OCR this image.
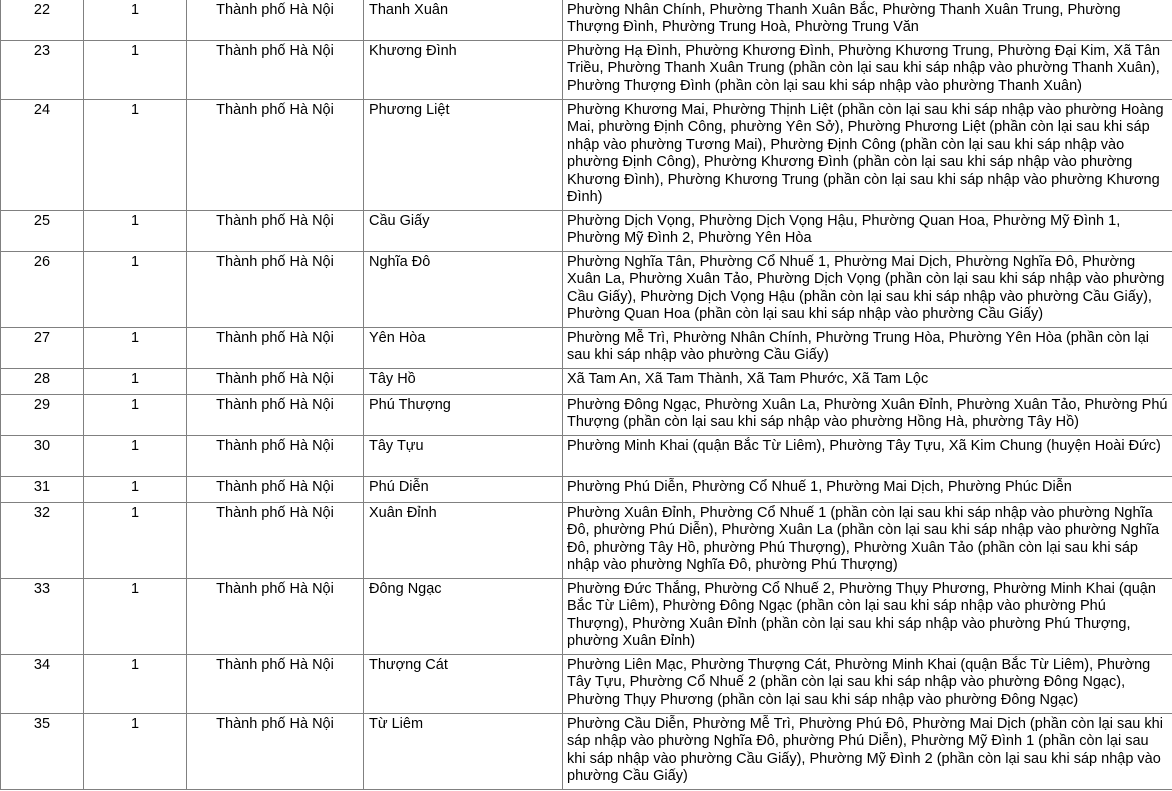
22	1	Thành phố Hà Nội	Thanh Xuân	Phường Nhân Chính, Phường Thanh Xuân Bắc, Phường Thanh Xuân Trung, Phường Thượng Đình, Phường Trung Hoà, Phường Trung Văn
23	1	Thành phố Hà Nội	Khương Đình	Phường Hạ Đình, Phường Khương Đình, Phường Khương Trung, Phường Đại Kim, Xã Tân Triều, Phường Thanh Xuân Trung (phần còn lại sau khi sáp nhập vào phường Thanh Xuân), Phường Thượng Đình (phần còn lại sau khi sáp nhập vào phường Thanh Xuân)
24	1	Thành phố Hà Nội	Phương Liệt	Phường Khương Mai, Phường Thịnh Liệt (phần còn lại sau khi sáp nhập vào phường Hoàng Mai, phường Định Công, phường Yên Sở), Phường Phương Liệt (phần còn lại sau khi sáp nhập vào phường Tương Mai), Phường Định Công (phần còn lại sau khi sáp nhập vào phường Định Công), Phường Khương Đình (phần còn lại sau khi sáp nhập vào phường Khương Đình), Phường Khương Trung (phần còn lại sau khi sáp nhập vào phường Khương Đình)
25	1	Thành phố Hà Nội	Cầu Giấy	Phường Dịch Vọng, Phường Dịch Vọng Hậu, Phường Quan Hoa, Phường Mỹ Đình 1, Phường Mỹ Đình 2, Phường Yên Hòa
26	1	Thành phố Hà Nội	Nghĩa Đô	Phường Nghĩa Tân, Phường Cổ Nhuế 1, Phường Mai Dịch, Phường Nghĩa Đô, Phường Xuân La, Phường Xuân Tảo, Phường Dịch Vọng (phần còn lại sau khi sáp nhập vào phường Cầu Giấy), Phường Dịch Vọng Hậu (phần còn lại sau khi sáp nhập vào phường Cầu Giấy), Phường Quan Hoa (phần còn lại sau khi sáp nhập vào phường Cầu Giấy)
27	1	Thành phố Hà Nội	Yên Hòa	Phường Mễ Trì, Phường Nhân Chính, Phường Trung Hòa, Phường Yên Hòa (phần còn lại sau khi sáp nhập vào phường Cầu Giấy)
28	1	Thành phố Hà Nội	Tây Hồ	Xã Tam An, Xã Tam Thành, Xã Tam Phước, Xã Tam Lộc
29	1	Thành phố Hà Nội	Phú Thượng	Phường Đông Ngạc, Phường Xuân La, Phường Xuân Đỉnh, Phường Xuân Tảo, Phường Phú Thượng (phần còn lại sau khi sáp nhập vào phường Hồng Hà, phường Tây Hồ)
30	1	Thành phố Hà Nội	Tây Tựu	Phường Minh Khai (quận Bắc Từ Liêm), Phường Tây Tựu, Xã Kim Chung (huyện Hoài Đức)
31	1	Thành phố Hà Nội	Phú Diễn	Phường Phú Diễn, Phường Cổ Nhuế 1, Phường Mai Dịch, Phường Phúc Diễn
32	1	Thành phố Hà Nội	Xuân Đỉnh	Phường Xuân Đỉnh, Phường Cổ Nhuế 1 (phần còn lại sau khi sáp nhập vào phường Nghĩa Đô, phường Phú Diễn), Phường Xuân La (phần còn lại sau khi sáp nhập vào phường Nghĩa Đô, phường Tây Hồ, phường Phú Thượng), Phường Xuân Tảo (phần còn lại sau khi sáp nhập vào phường Nghĩa Đô, phường Phú Thượng)
33	1	Thành phố Hà Nội	Đông Ngạc	Phường Đức Thắng, Phường Cổ Nhuế 2, Phường Thụy Phương, Phường Minh Khai (quận Bắc Từ Liêm), Phường Đông Ngạc (phần còn lại sau khi sáp nhập vào phường Phú Thượng), Phường Xuân Đỉnh (phần còn lại sau khi sáp nhập vào phường Phú Thượng, phường Xuân Đỉnh)
34	1	Thành phố Hà Nội	Thượng Cát	Phường Liên Mạc, Phường Thượng Cát, Phường Minh Khai (quận Bắc Từ Liêm), Phường Tây Tựu, Phường Cổ Nhuế 2 (phần còn lại sau khi sáp nhập vào phường Đông Ngạc), Phường Thụy Phương (phần còn lại sau khi sáp nhập vào phường Đông Ngạc)
35	1	Thành phố Hà Nội	Từ Liêm	Phường Cầu Diễn, Phường Mễ Trì, Phường Phú Đô, Phường Mai Dịch (phần còn lại sau khi sáp nhập vào phường Nghĩa Đô, phường Phú Diễn), Phường Mỹ Đình 1 (phần còn lại sau khi sáp nhập vào phường Cầu Giấy), Phường Mỹ Đình 2 (phần còn lại sau khi sáp nhập vào phường Cầu Giấy)
